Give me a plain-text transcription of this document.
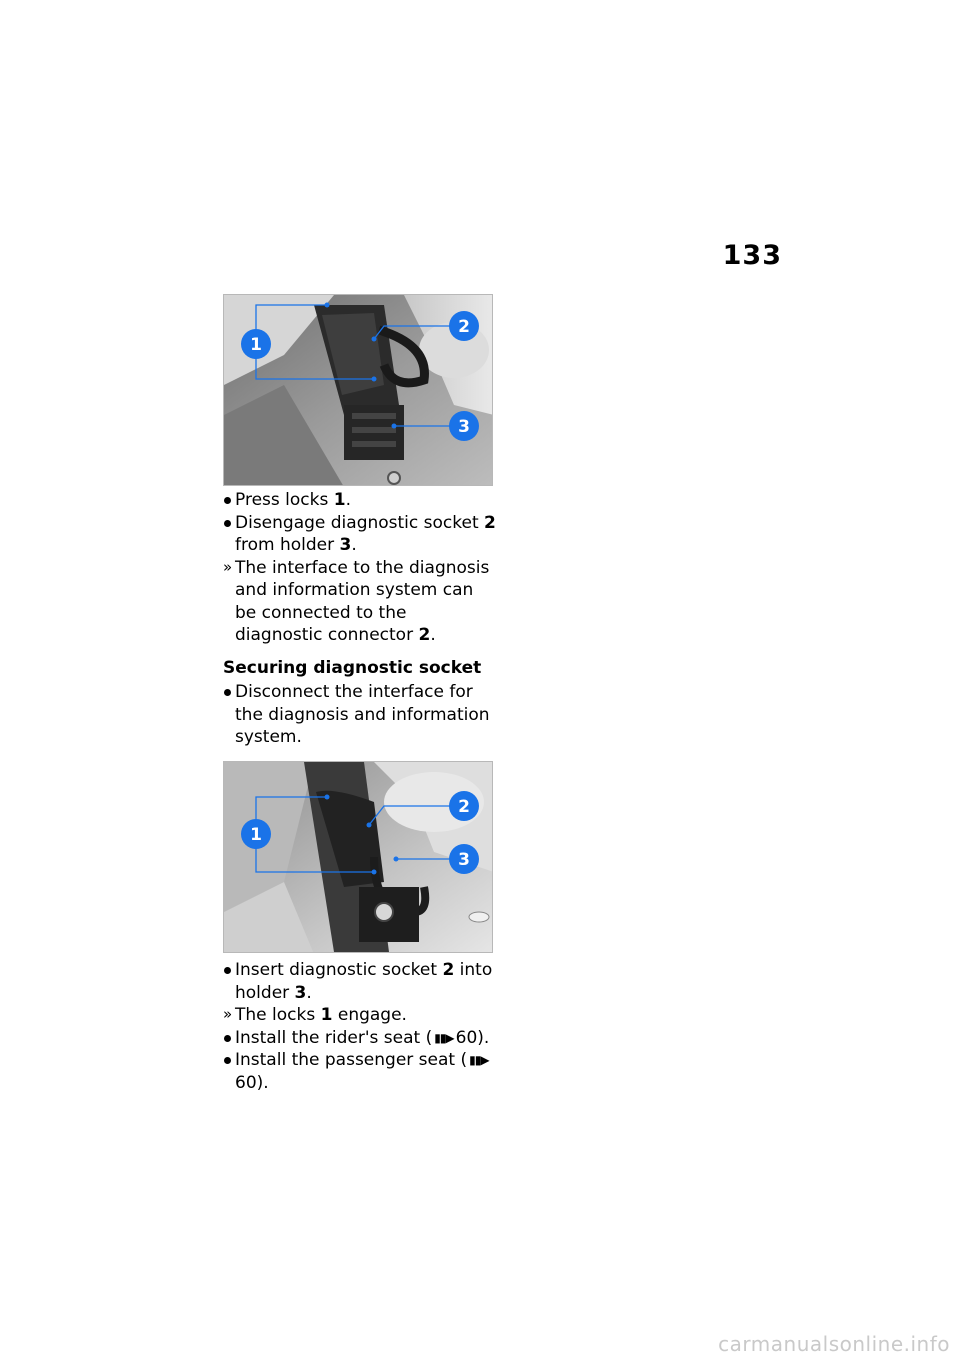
133
1
2
3

Press locks 1.

Disengage diagnostic socket 2 from holder 3.

» The interface to the diagnosis and information system can be connected to the diagnostic connector 2.

Securing diagnostic socket

Disconnect the interface for the diagnosis and information system.

1
2
3

Insert diagnostic socket 2 into holder 3.

» The locks 1 engage.

Install the rider's seat ( ▮▮▶ 60).

Install the passenger seat ( ▮▮▶60).

carmanualsonline.info
